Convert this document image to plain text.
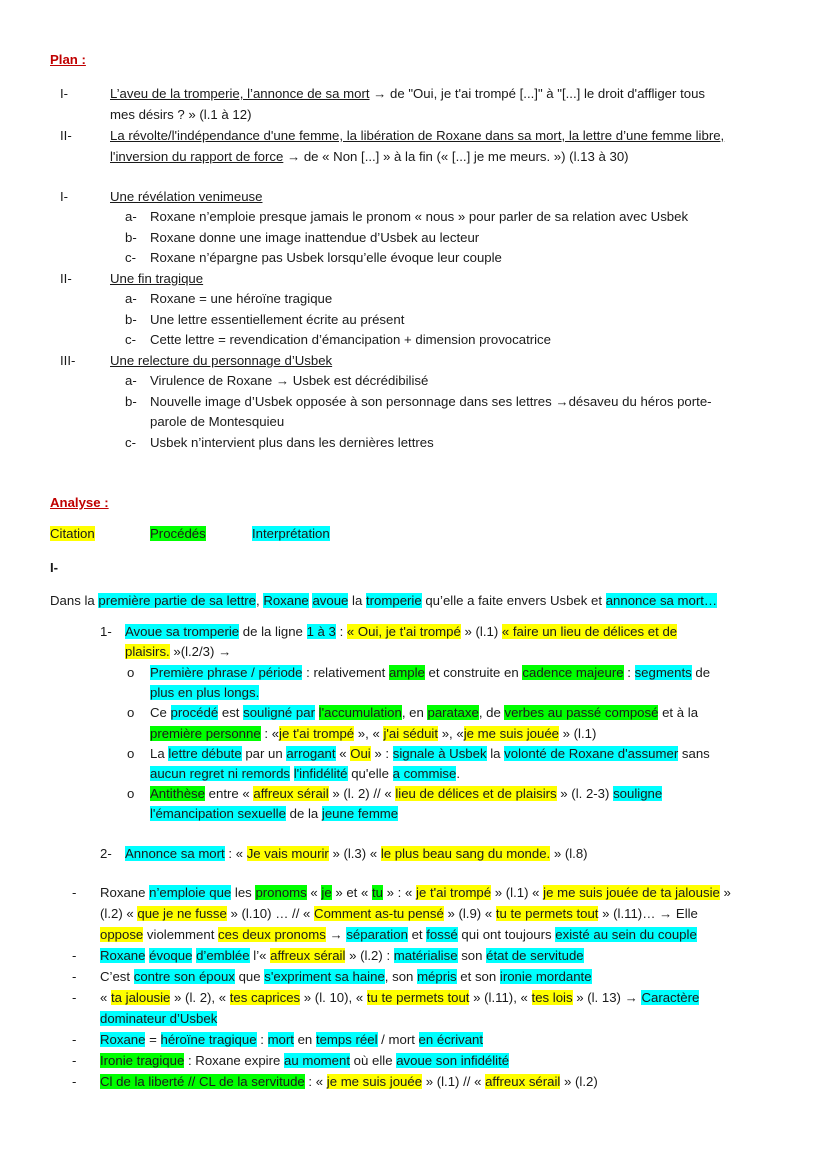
Plan :
I-	L’aveu de la tromperie, l’annonce de sa mort → de "Oui, je t'ai trompé [...]" à "[...] le droit d'affliger tous
mes désirs ? » (l.1 à 12)
II-	La révolte/l'indépendance d'une femme, la libération de Roxane dans sa mort, la lettre d’une femme libre,
l'inversion du rapport de force → de « Non [...] » à la fin (« [...] je me meurs. ») (l.13 à 30)
I-	Une révélation venimeuse
a- Roxane n’emploie presque jamais le pronom « nous » pour parler de sa relation avec Usbek
b- Roxane donne une image inattendue d’Usbek au lecteur
c- Roxane n’épargne pas Usbek lorsqu’elle évoque leur couple
II-	Une fin tragique
a- Roxane = une héroïne tragique
b- Une lettre essentiellement écrite au présent
c- Cette lettre = revendication d’émancipation + dimension provocatrice
III-	Une relecture du personnage d’Usbek
a- Virulence de Roxane → Usbek est décrédibilisé
b- Nouvelle image d’Usbek opposée à son personnage dans ses lettres →désaveu du héros porte-
parole de Montesquieu
c- Usbek n’intervient plus dans les dernières lettres
Analyse :
Citation	Procédés	Interprétation
I-
Dans la première partie de sa lettre, Roxane avoue la tromperie qu’elle a faite envers Usbek et annonce sa mort…
1- Avoue sa tromperie de la ligne 1 à 3 : « Oui, je t'ai trompé » (l.1) « faire un lieu de délices et de
plaisirs. »(l.2/3) →
o Première phrase / période : relativement ample et construite en cadence majeure : segments de
plus en plus longs.
o Ce procédé est souligné par l'accumulation, en parataxe, de verbes au passé composé et à la
première personne : «je t'ai trompé », « j'ai séduit », «je me suis jouée » (l.1)
o La lettre débute par un arrogant « Oui » : signale à Usbek la volonté de Roxane d'assumer sans
aucun regret ni remords l'infidélité qu'elle a commise.
o Antithèse entre « affreux sérail » (l. 2) // « lieu de délices et de plaisirs » (l. 2-3) souligne
l'émancipation sexuelle de la jeune femme
2- Annonce sa mort : « Je vais mourir » (l.3) « le plus beau sang du monde. » (l.8)
- Roxane n’emploie que les pronoms « je » et « tu » : « je t'ai trompé » (l.1) « je me suis jouée de ta jalousie »
(l.2) « que je ne fusse » (l.10) … // « Comment as-tu pensé » (l.9) « tu te permets tout » (l.11)… → Elle
oppose violemment ces deux pronoms → séparation et fossé qui ont toujours existé au sein du couple
- Roxane évoque d’emblée l’« affreux sérail » (l.2) : matérialise son état de servitude
- C’est contre son époux que s'expriment sa haine, son mépris et son ironie mordante
- « ta jalousie » (l. 2), « tes caprices » (l. 10), « tu te permets tout » (l.11), « tes lois » (l. 13) → Caractère
dominateur d’Usbek
- Roxane = héroïne tragique : mort en temps réel / mort en écrivant
- Ironie tragique : Roxane expire au moment où elle avoue son infidélité
- Cl de la liberté // CL de la servitude : « je me suis jouée » (l.1) // « affreux sérail » (l.2)
